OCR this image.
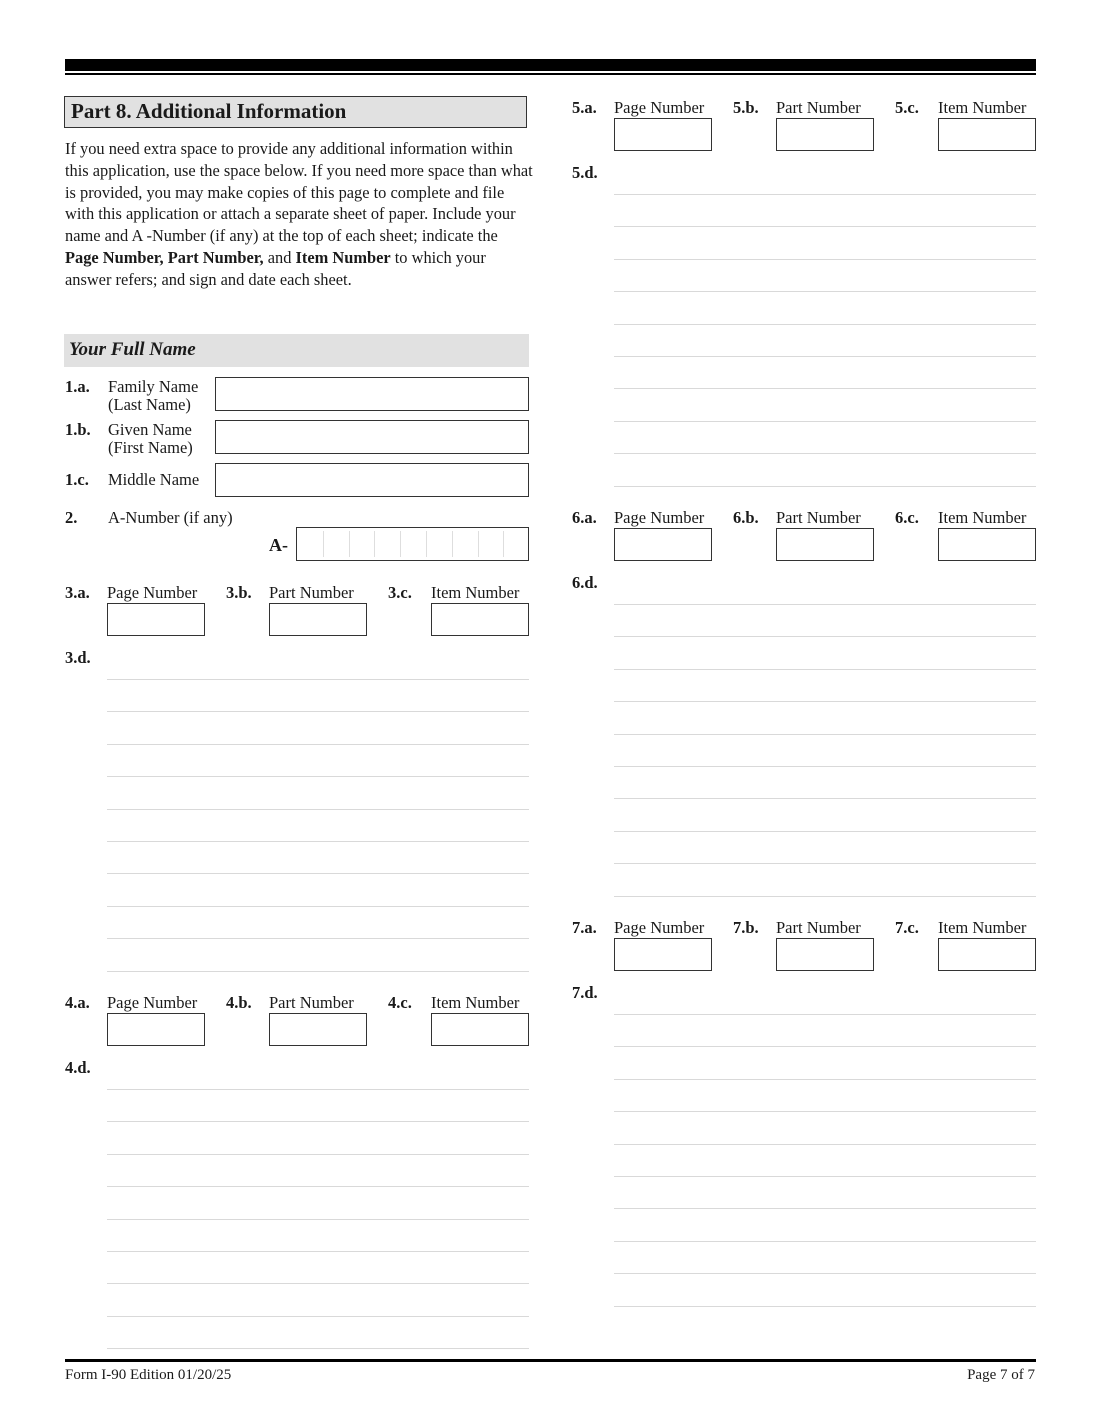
Part 8. Additional Information
If you need extra space to provide any additional information within this application, use the space below. If you need more space than what is provided, you may make copies of this page to complete and file with this application or attach a separate sheet of paper. Include your name and A -Number (if any) at the top of each sheet; indicate the Page Number, Part Number, and Item Number to which your answer refers; and sign and date each sheet.
Your Full Name
1.a. Family Name
(Last Name)
1.b. Given Name
(First Name)
1.c. Middle Name
2. A-Number (if any)
A-
3.a. Page Number 3.b. Part Number 3.c. Item Number
3.d.
4.a. Page Number 4.b. Part Number 4.c. Item Number
4.d.
5.a. Page Number 5.b. Part Number 5.c. Item Number
5.d.
6.a. Page Number 6.b. Part Number 6.c. Item Number
6.d.
7.a. Page Number 7.b. Part Number 7.c. Item Number
7.d.
Form I-90 Edition 01/20/25	Page 7 of 7
